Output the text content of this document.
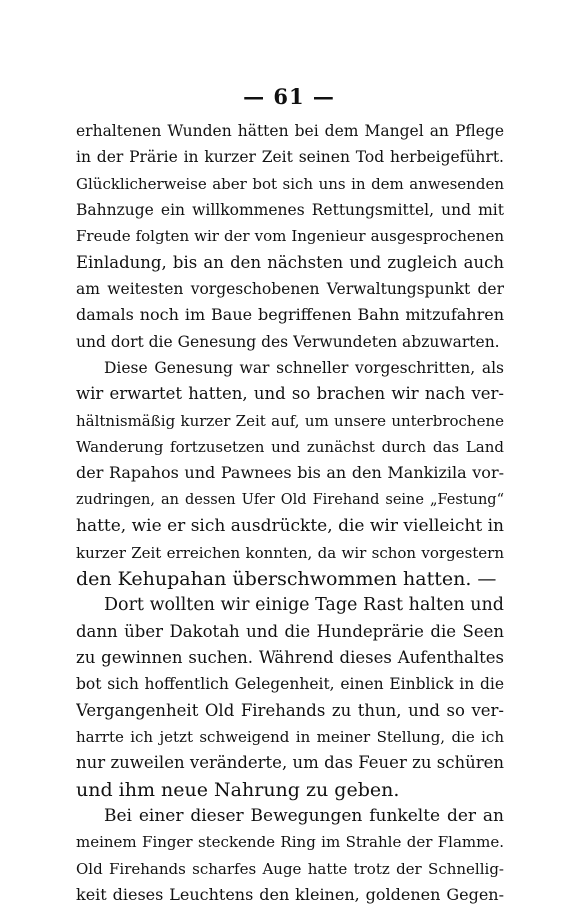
— 61 —
erhaltenen Wunden hätten bei dem Mangel an Pflege
in der Prärie in kurzer Zeit seinen Tod herbeigeführt.
Glücklicherweise aber bot sich uns in dem anwesenden
Bahnzuge ein willkommenes Rettungsmittel, und mit
Freude folgten wir der vom Ingenieur ausgesprochenen
Einladung, bis an den nächsten und zugleich auch
am weitesten vorgeschobenen Verwaltungspunkt der
damals noch im Baue begriffenen Bahn mitzufahren
und dort die Genesung des Verwundeten abzuwarten.
Diese Genesung war schneller vorgeschritten, als
wir erwartet hatten, und so brachen wir nach ver-
hältnismäßig kurzer Zeit auf, um unsere unterbrochene
Wanderung fortzusetzen und zunächst durch das Land
der Rapahos und Pawnees bis an den Mankizila vor-
zudringen, an dessen Ufer Old Firehand seine „Festung“
hatte, wie er sich ausdrückte, die wir vielleicht in
kurzer Zeit erreichen konnten, da wir schon vorgestern
den Kehupahan überschwommen hatten. —
Dort wollten wir einige Tage Rast halten und
dann über Dakotah und die Hundeprärie die Seen
zu gewinnen suchen. Während dieses Aufenthaltes
bot sich hoffentlich Gelegenheit, einen Einblick in die
Vergangenheit Old Firehands zu thun, und so ver-
harrte ich jetzt schweigend in meiner Stellung, die ich
nur zuweilen veränderte, um das Feuer zu schüren
und ihm neue Nahrung zu geben.
Bei einer dieser Bewegungen funkelte der an
meinem Finger steckende Ring im Strahle der Flamme.
Old Firehands scharfes Auge hatte trotz der Schnellig-
keit dieses Leuchtens den kleinen, goldenen Gegen-
